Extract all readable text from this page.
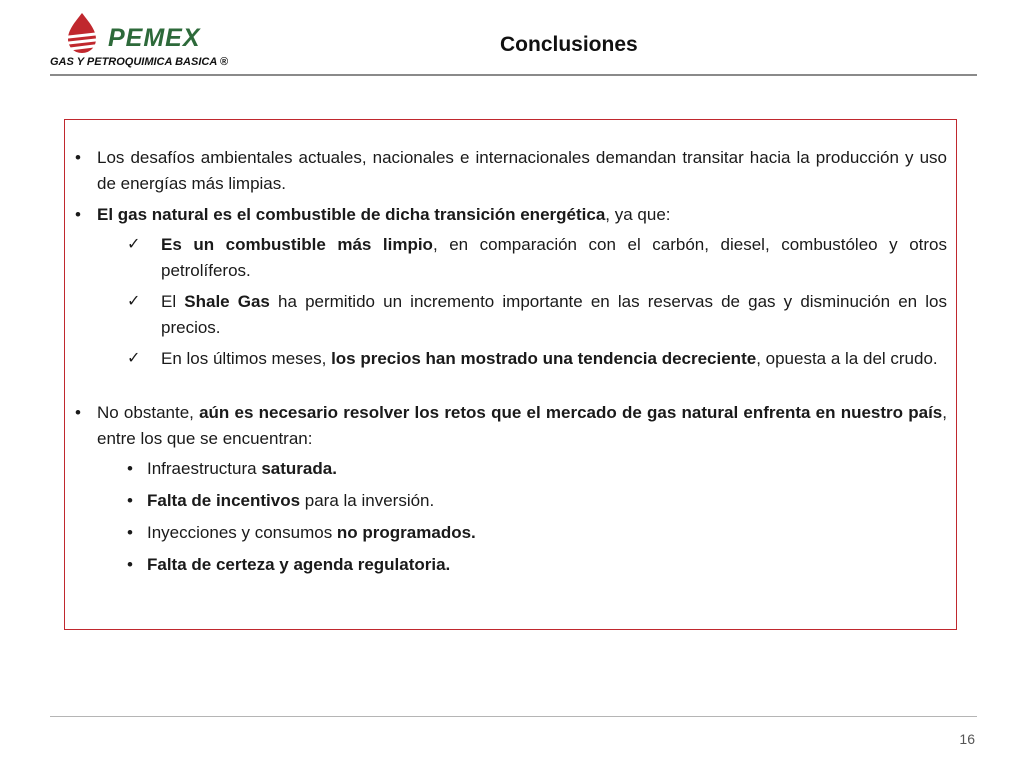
PEMEX
GAS Y PETROQUIMICA BASICA ®
Conclusiones
• Los desafíos ambientales actuales, nacionales e internacionales demandan transitar hacia la producción y uso de energías más limpias.
• El gas natural es el combustible de dicha transición energética, ya que:
✓ Es un combustible más limpio, en comparación con el carbón, diesel, combustóleo y otros petrolíferos.
✓ El Shale Gas ha permitido un incremento importante en las reservas de gas y disminución en los precios.
✓ En los últimos meses, los precios han mostrado una tendencia decreciente, opuesta a la del crudo.
• No obstante, aún es necesario resolver los retos que el mercado de gas natural enfrenta en nuestro país, entre los que se encuentran:
• Infraestructura saturada.
• Falta de incentivos para la inversión.
• Inyecciones y consumos no programados.
• Falta de certeza y agenda regulatoria.
16
